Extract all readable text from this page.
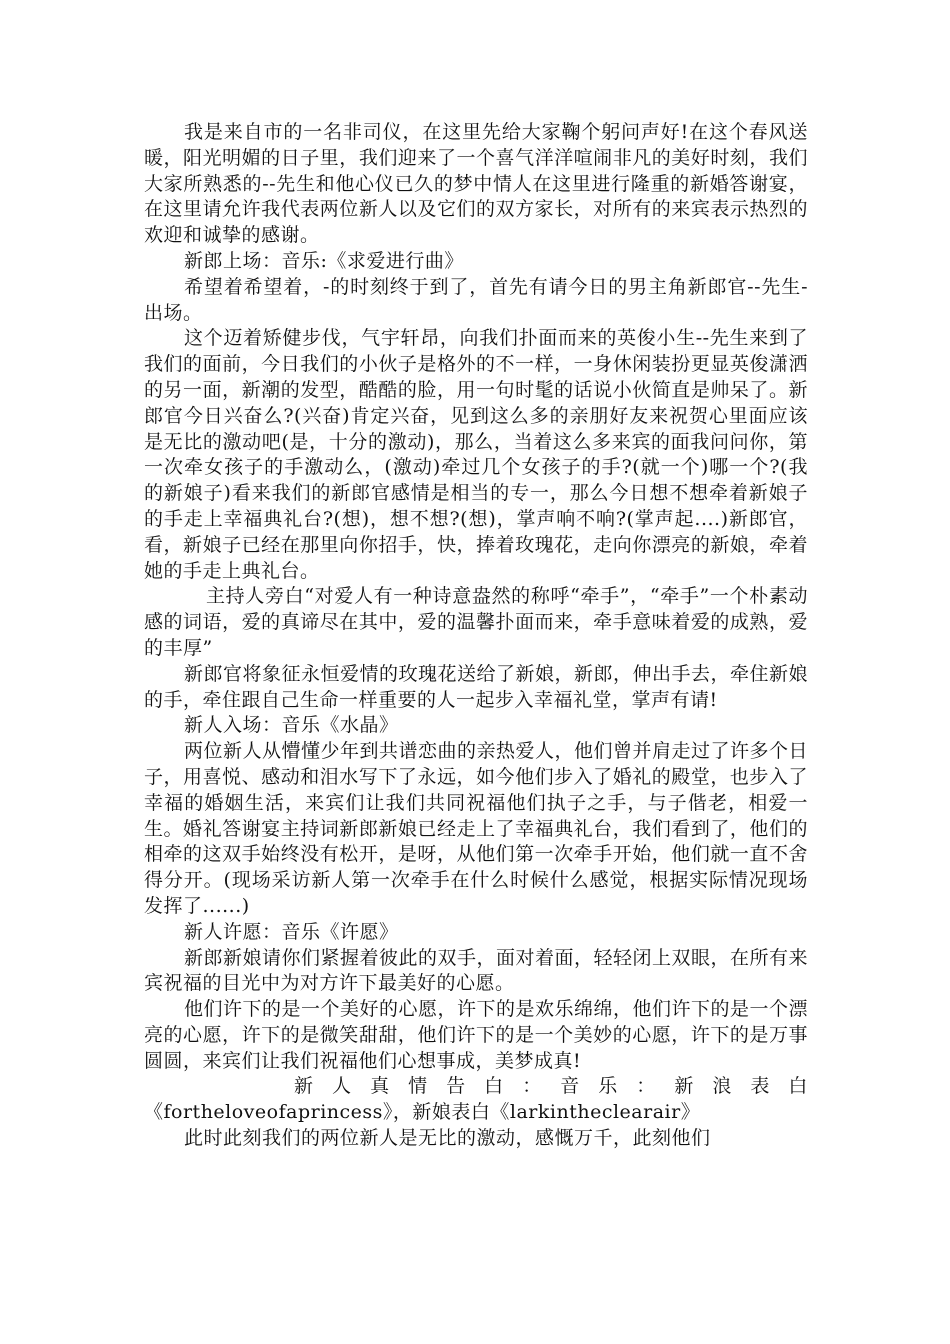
我是来自市的一名非司仪，在这里先给大家鞠个躬问声好!在这个春风送暖，阳光明媚的日子里，我们迎来了一个喜气洋洋喧闹非凡的美好时刻，我们大家所熟悉的--先生和他心仪已久的梦中情人在这里进行隆重的新婚答谢宴，在这里请允许我代表两位新人以及它们的双方家长，对所有的来宾表示热烈的欢迎和诚挚的感谢。

新郎上场：音乐:《求爱进行曲》

希望着希望着，-的时刻终于到了，首先有请今日的男主角新郎官--先生-出场。

这个迈着矫健步伐，气宇轩昂，向我们扑面而来的英俊小生--先生来到了我们的面前，今日我们的小伙子是格外的不一样，一身休闲装扮更显英俊潇洒的另一面，新潮的发型，酷酷的脸，用一句时髦的话说小伙简直是帅呆了。新郎官今日兴奋么?(兴奋)肯定兴奋，见到这么多的亲朋好友来祝贺心里面应该是无比的激动吧(是，十分的激动)，那么，当着这么多来宾的面我问问你，第一次牵女孩子的手激动么，(激动)牵过几个女孩子的手?(就一个)哪一个?(我的新娘子)看来我们的新郎官感情是相当的专一，那么今日想不想牵着新娘子的手走上幸福典礼台?(想)，想不想?(想)，掌声响不响?(掌声起....)新郎官，看，新娘子已经在那里向你招手，快，捧着玫瑰花，走向你漂亮的新娘，牵着她的手走上典礼台。

主持人旁白“对爱人有一种诗意盎然的称呼“牵手”，“牵手”一个朴素动感的词语，爱的真谛尽在其中，爱的温馨扑面而来，牵手意味着爱的成熟，爱的丰厚”

新郎官将象征永恒爱情的玫瑰花送给了新娘，新郎，伸出手去，牵住新娘的手，牵住跟自己生命一样重要的人一起步入幸福礼堂，掌声有请!

新人入场：音乐《水晶》

两位新人从懵懂少年到共谱恋曲的亲热爱人，他们曾并肩走过了许多个日子，用喜悦、感动和泪水写下了永远，如今他们步入了婚礼的殿堂，也步入了幸福的婚姻生活，来宾们让我们共同祝福他们执子之手，与子偕老，相爱一生。婚礼答谢宴主持词新郎新娘已经走上了幸福典礼台，我们看到了，他们的相牵的这双手始终没有松开，是呀，从他们第一次牵手开始，他们就一直不舍得分开。(现场采访新人第一次牵手在什么时候什么感觉，根据实际情况现场发挥了......)

新人许愿：音乐《许愿》

新郎新娘请你们紧握着彼此的双手，面对着面，轻轻闭上双眼，在所有来宾祝福的目光中为对方许下最美好的心愿。

他们许下的是一个美好的心愿，许下的是欢乐绵绵，他们许下的是一个漂亮的心愿，许下的是微笑甜甜，他们许下的是一个美妙的心愿，许下的是万事圆圆，来宾们让我们祝福他们心想事成，美梦成真!

新 人 真 情 告 白 ： 音 乐 ： 新 浪 表 白

《fortheloveofaprincess》，新娘表白《larkintheclearair》

此时此刻我们的两位新人是无比的激动，感慨万千，此刻他们
